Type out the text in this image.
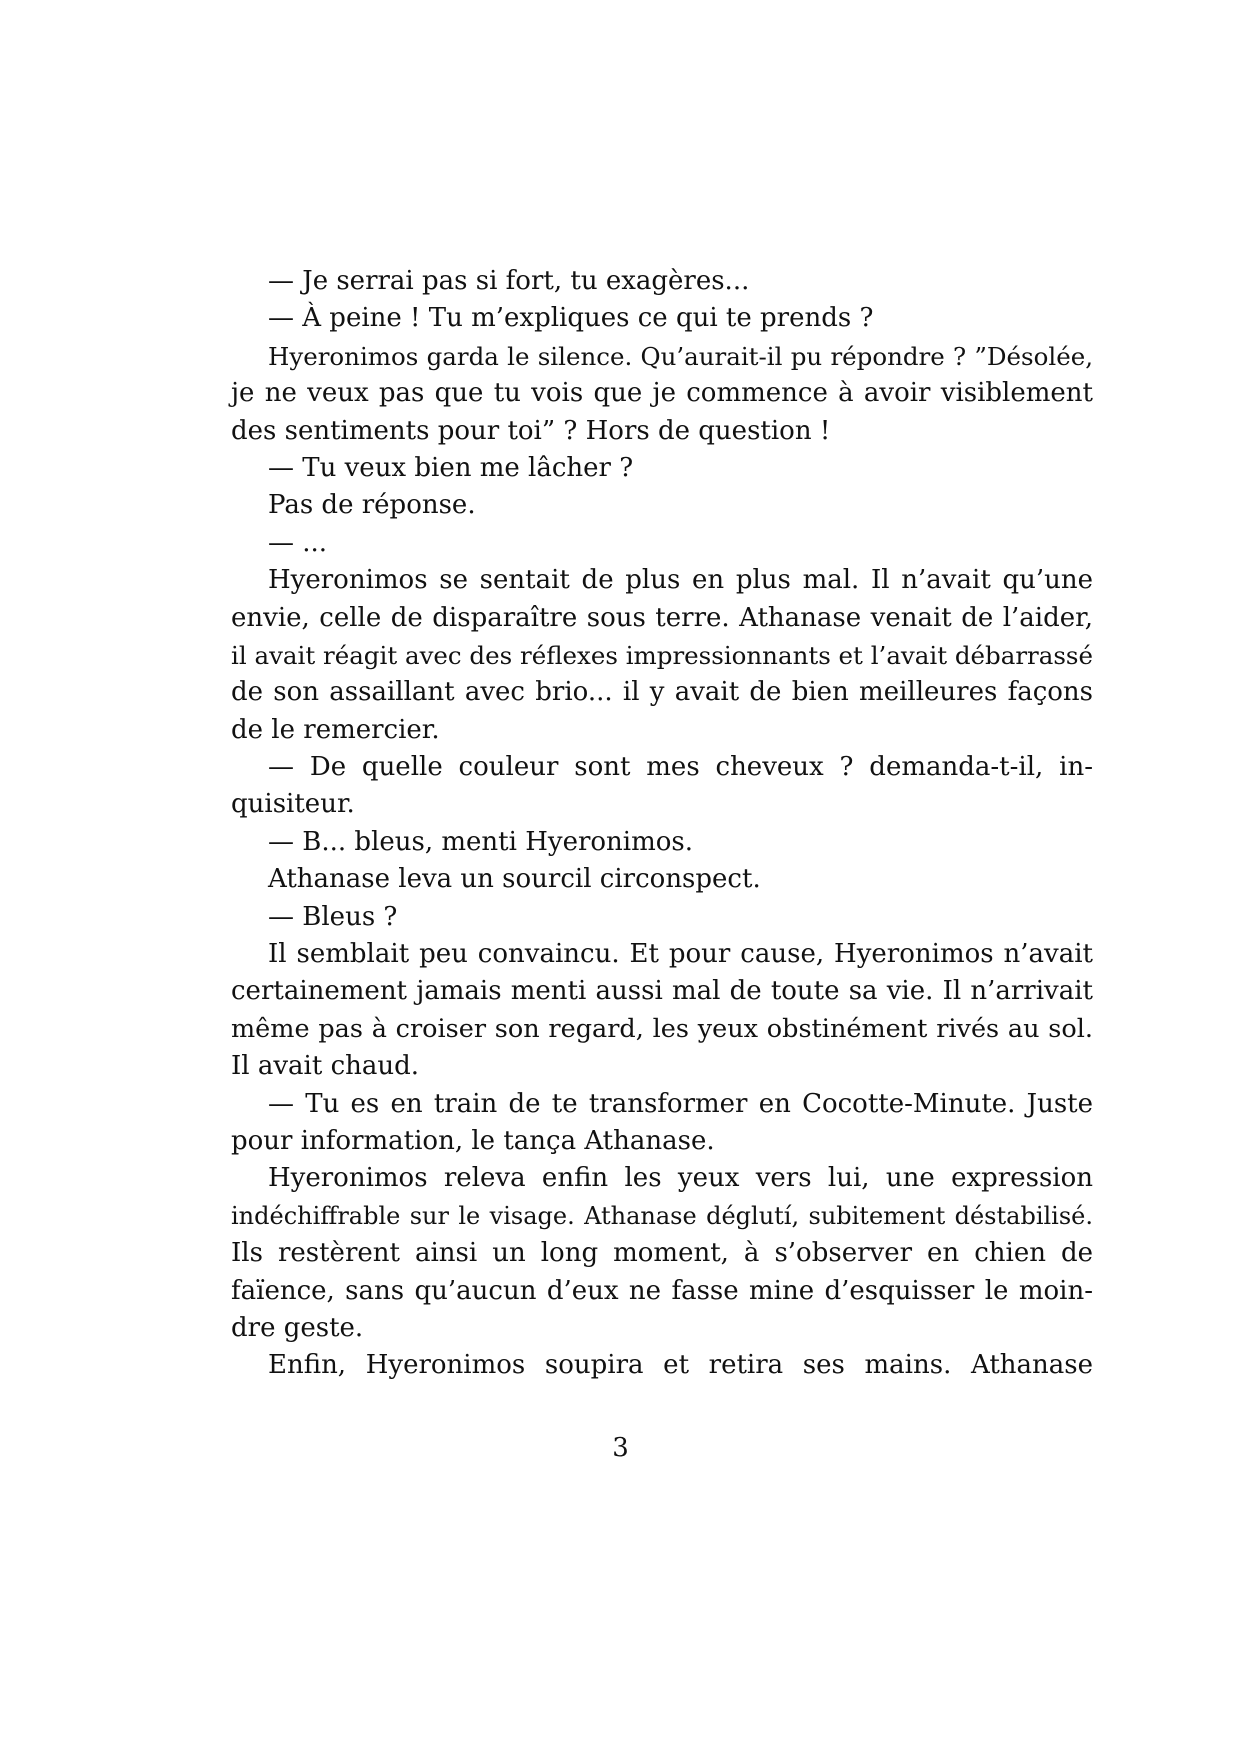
— Je serrai pas si fort, tu exagères...
— À peine ! Tu m’expliques ce qui te prends ?
Hyeronimos garda le silence. Qu’aurait-il pu répondre ? ”Désolée,
je ne veux pas que tu vois que je commence à avoir visiblement
des sentiments pour toi” ? Hors de question !
— Tu veux bien me lâcher ?
Pas de réponse.
— ...
Hyeronimos se sentait de plus en plus mal. Il n’avait qu’une
envie, celle de disparaître sous terre. Athanase venait de l’aider,
il avait réagit avec des réflexes impressionnants et l’avait débarrassé
de son assaillant avec brio... il y avait de bien meilleures façons
de le remercier.
— De quelle couleur sont mes cheveux ? demanda-t-il, in-
quisiteur.
— B... bleus, menti Hyeronimos.
Athanase leva un sourcil circonspect.
— Bleus ?
Il semblait peu convaincu. Et pour cause, Hyeronimos n’avait
certainement jamais menti aussi mal de toute sa vie. Il n’arrivait
même pas à croiser son regard, les yeux obstinément rivés au sol.
Il avait chaud.
— Tu es en train de te transformer en Cocotte-Minute. Juste
pour information, le tança Athanase.
Hyeronimos releva enfin les yeux vers lui, une expression
indéchiffrable sur le visage. Athanase déglutí, subitement déstabilisé.
Ils restèrent ainsi un long moment, à s’observer en chien de
faïence, sans qu’aucun d’eux ne fasse mine d’esquisser le moin-
dre geste.
Enfin, Hyeronimos soupira et retira ses mains. Athanase
3
